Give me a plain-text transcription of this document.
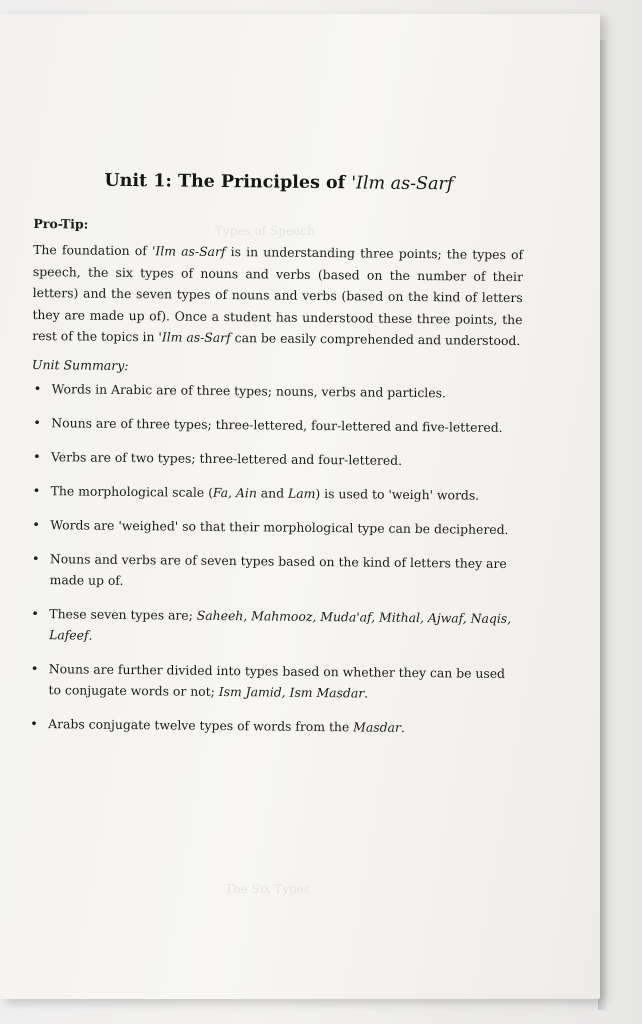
Types of Speech
The Six Types
Unit 1: The Principles of 'Ilm as-Sarf
Pro-Tip:

The foundation of 'Ilm as-Sarf is in understanding three points; the types of speech, the six types of nouns and verbs (based on the number of their letters) and the seven types of nouns and verbs (based on the kind of letters they are made up of). Once a student has understood these three points, the rest of the topics in 'Ilm as-Sarf can be easily comprehended and understood.

Unit Summary:
• Words in Arabic are of three types; nouns, verbs and particles.
• Nouns are of three types; three-lettered, four-lettered and five-lettered.
• Verbs are of two types; three-lettered and four-lettered.
• The morphological scale (Fa, Ain and Lam) is used to 'weigh' words.
• Words are 'weighed' so that their morphological type can be deciphered.
• Nouns and verbs are of seven types based on the kind of letters they are made up of.
• These seven types are; Saheeh, Mahmooz, Muda'af, Mithal, Ajwaf, Naqis, Lafeef.
• Nouns are further divided into types based on whether they can be used to conjugate words or not; Ism Jamid, Ism Masdar.
• Arabs conjugate twelve types of words from the Masdar.
